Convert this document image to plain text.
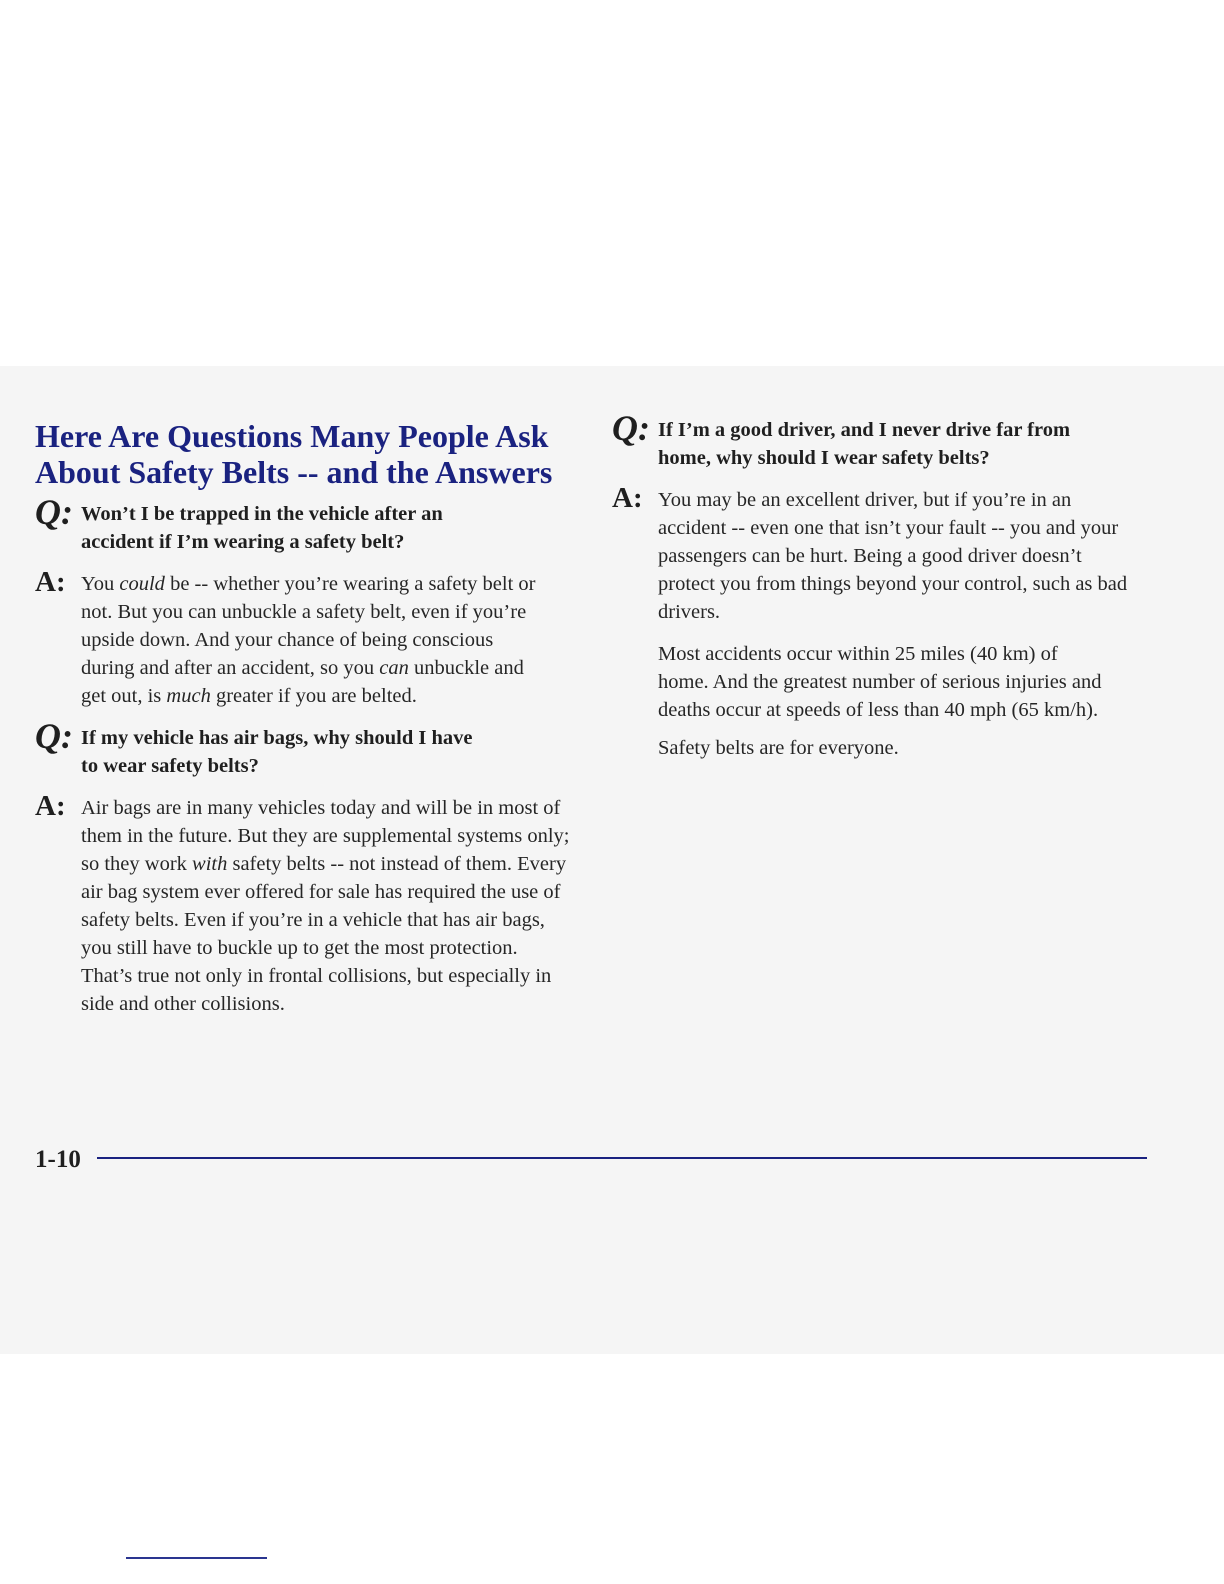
Here Are Questions Many People Ask
About Safety Belts -- and the Answers
Q: Won’t I be trapped in the vehicle after an
accident if I’m wearing a safety belt?

A: You could be -- whether you’re wearing a safety belt or not. But you can unbuckle a safety belt, even if you’re upside down. And your chance of being conscious during and after an accident, so you can unbuckle and get out, is much greater if you are belted.

Q: If my vehicle has air bags, why should I have
to wear safety belts?

A: Air bags are in many vehicles today and will be in most of them in the future. But they are supplemental systems only; so they work with safety belts -- not instead of them. Every air bag system ever offered for sale has required the use of safety belts. Even if you’re in a vehicle that has air bags, you still have to buckle up to get the most protection. That’s true not only in frontal collisions, but especially in side and other collisions.

Q: If I’m a good driver, and I never drive far from
home, why should I wear safety belts?

A: You may be an excellent driver, but if you’re in an accident -- even one that isn’t your fault -- you and your passengers can be hurt. Being a good driver doesn’t protect you from things beyond your control, such as bad drivers.

Most accidents occur within 25 miles (40 km) of home. And the greatest number of serious injuries and deaths occur at speeds of less than 40 mph (65 km/h).

Safety belts are for everyone.

1-10
